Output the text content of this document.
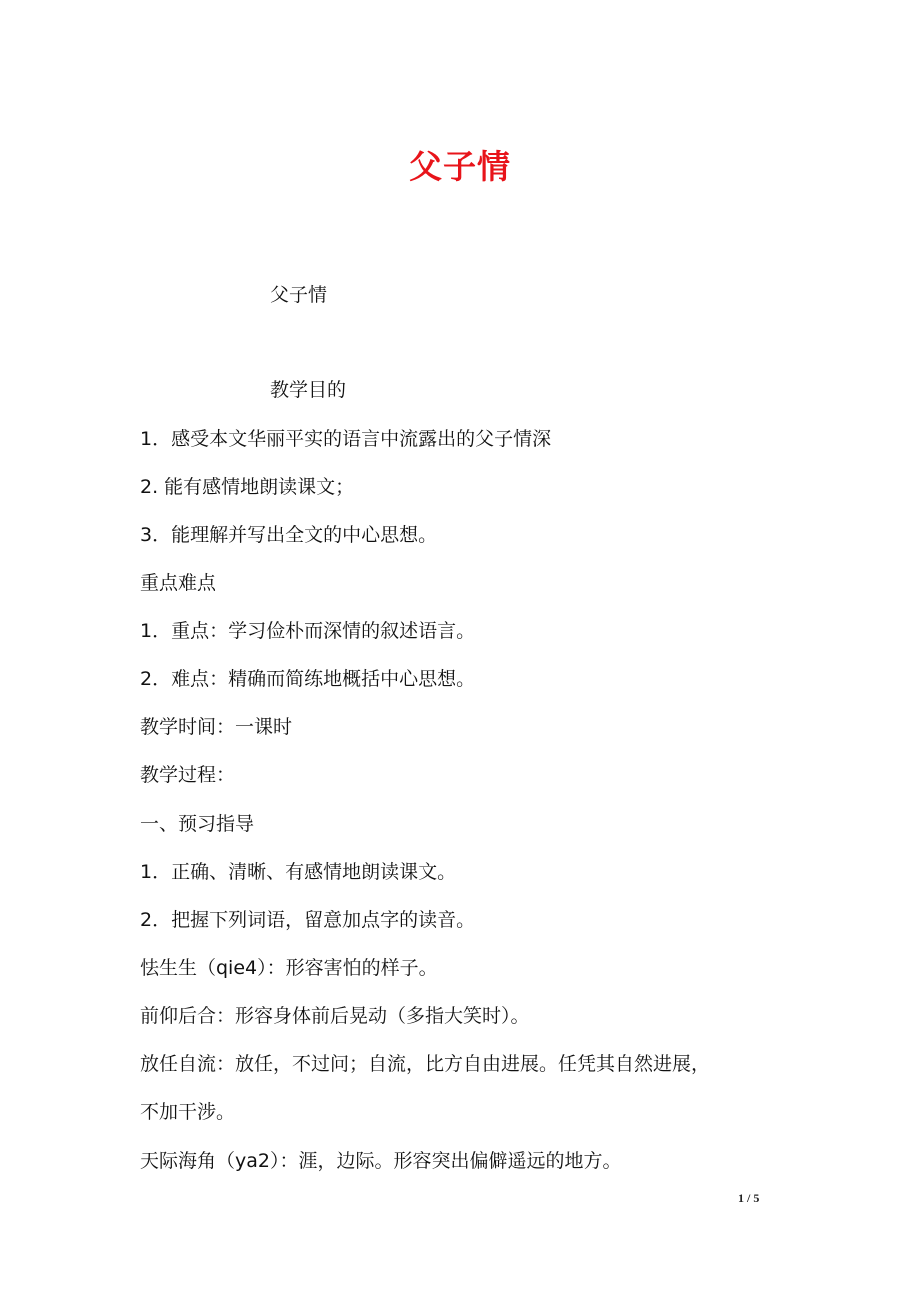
父子情
父子情
教学目的
1．感受本文华丽平实的语言中流露出的父子情深
2. 能有感情地朗读课文；
3．能理解并写出全文的中心思想。
重点难点
1．重点：学习俭朴而深情的叙述语言。
2．难点：精确而简练地概括中心思想。
教学时间：一课时
教学过程：
一、预习指导
1．正确、清晰、有感情地朗读课文。
2．把握下列词语，留意加点字的读音。
怯生生（qie4）：形容害怕的样子。
前仰后合：形容身体前后晃动（多指大笑时）。
放任自流：放任，不过问；自流，比方自由进展。任凭其自然进展，
不加干涉。
天际海角（ya2）：涯，边际。形容突出偏僻遥远的地方。
1 / 5
